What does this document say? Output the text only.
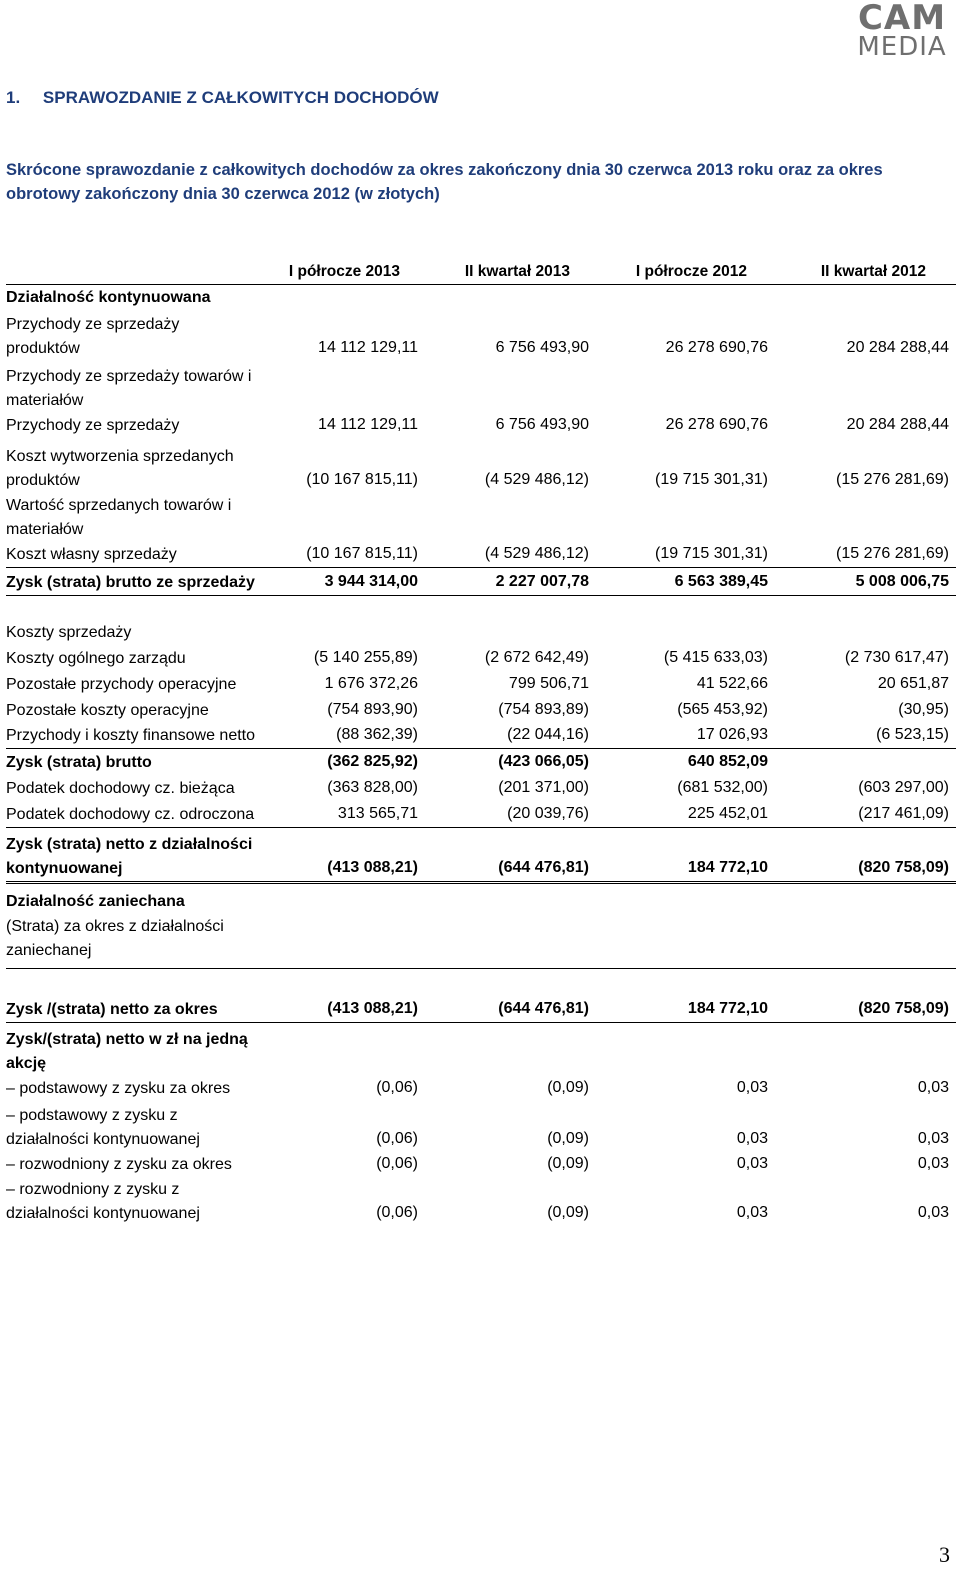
CAM
MEDIA
1. SPRAWOZDANIE Z CAŁKOWITYCH DOCHODÓW
Skrócone sprawozdanie z całkowitych dochodów za okres zakończony dnia 30 czerwca 2013 roku oraz za okres obrotowy zakończony dnia 30 czerwca 2012 (w złotych)
I półrocze 2013	II kwartał 2013	I półrocze 2012	II kwartał 2012
Działalność kontynuowana
Przychody ze sprzedaży produktów	14 112 129,11	6 756 493,90	26 278 690,76	20 284 288,44
Przychody ze sprzedaży towarów i materiałów
Przychody ze sprzedaży	14 112 129,11	6 756 493,90	26 278 690,76	20 284 288,44
Koszt wytworzenia sprzedanych produktów	(10 167 815,11)	(4 529 486,12)	(19 715 301,31)	(15 276 281,69)
Wartość sprzedanych towarów i materiałów
Koszt własny sprzedaży	(10 167 815,11)	(4 529 486,12)	(19 715 301,31)	(15 276 281,69)
Zysk (strata) brutto ze sprzedaży	3 944 314,00	2 227 007,78	6 563 389,45	5 008 006,75
Koszty sprzedaży
Koszty ogólnego zarządu	(5 140 255,89)	(2 672 642,49)	(5 415 633,03)	(2 730 617,47)
Pozostałe przychody operacyjne	1 676 372,26	799 506,71	41 522,66	20 651,87
Pozostałe koszty operacyjne	(754 893,90)	(754 893,89)	(565 453,92)	(30,95)
Przychody i koszty finansowe netto	(88 362,39)	(22 044,16)	17 026,93	(6 523,15)
Zysk (strata) brutto	(362 825,92)	(423 066,05)	640 852,09
Podatek dochodowy cz. bieżąca	(363 828,00)	(201 371,00)	(681 532,00)	(603 297,00)
Podatek dochodowy cz. odroczona	313 565,71	(20 039,76)	225 452,01	(217 461,09)
Zysk (strata) netto z działalności kontynuowanej	(413 088,21)	(644 476,81)	184 772,10	(820 758,09)
Działalność zaniechana
(Strata) za okres z działalności zaniechanej
Zysk /(strata) netto za okres	(413 088,21)	(644 476,81)	184 772,10	(820 758,09)
Zysk/(strata) netto w zł na jedną akcję
– podstawowy z zysku za okres	(0,06)	(0,09)	0,03	0,03
– podstawowy z zysku z działalności kontynuowanej	(0,06)	(0,09)	0,03	0,03
– rozwodniony z zysku za okres	(0,06)	(0,09)	0,03	0,03
– rozwodniony z zysku z działalności kontynuowanej	(0,06)	(0,09)	0,03	0,03
3
